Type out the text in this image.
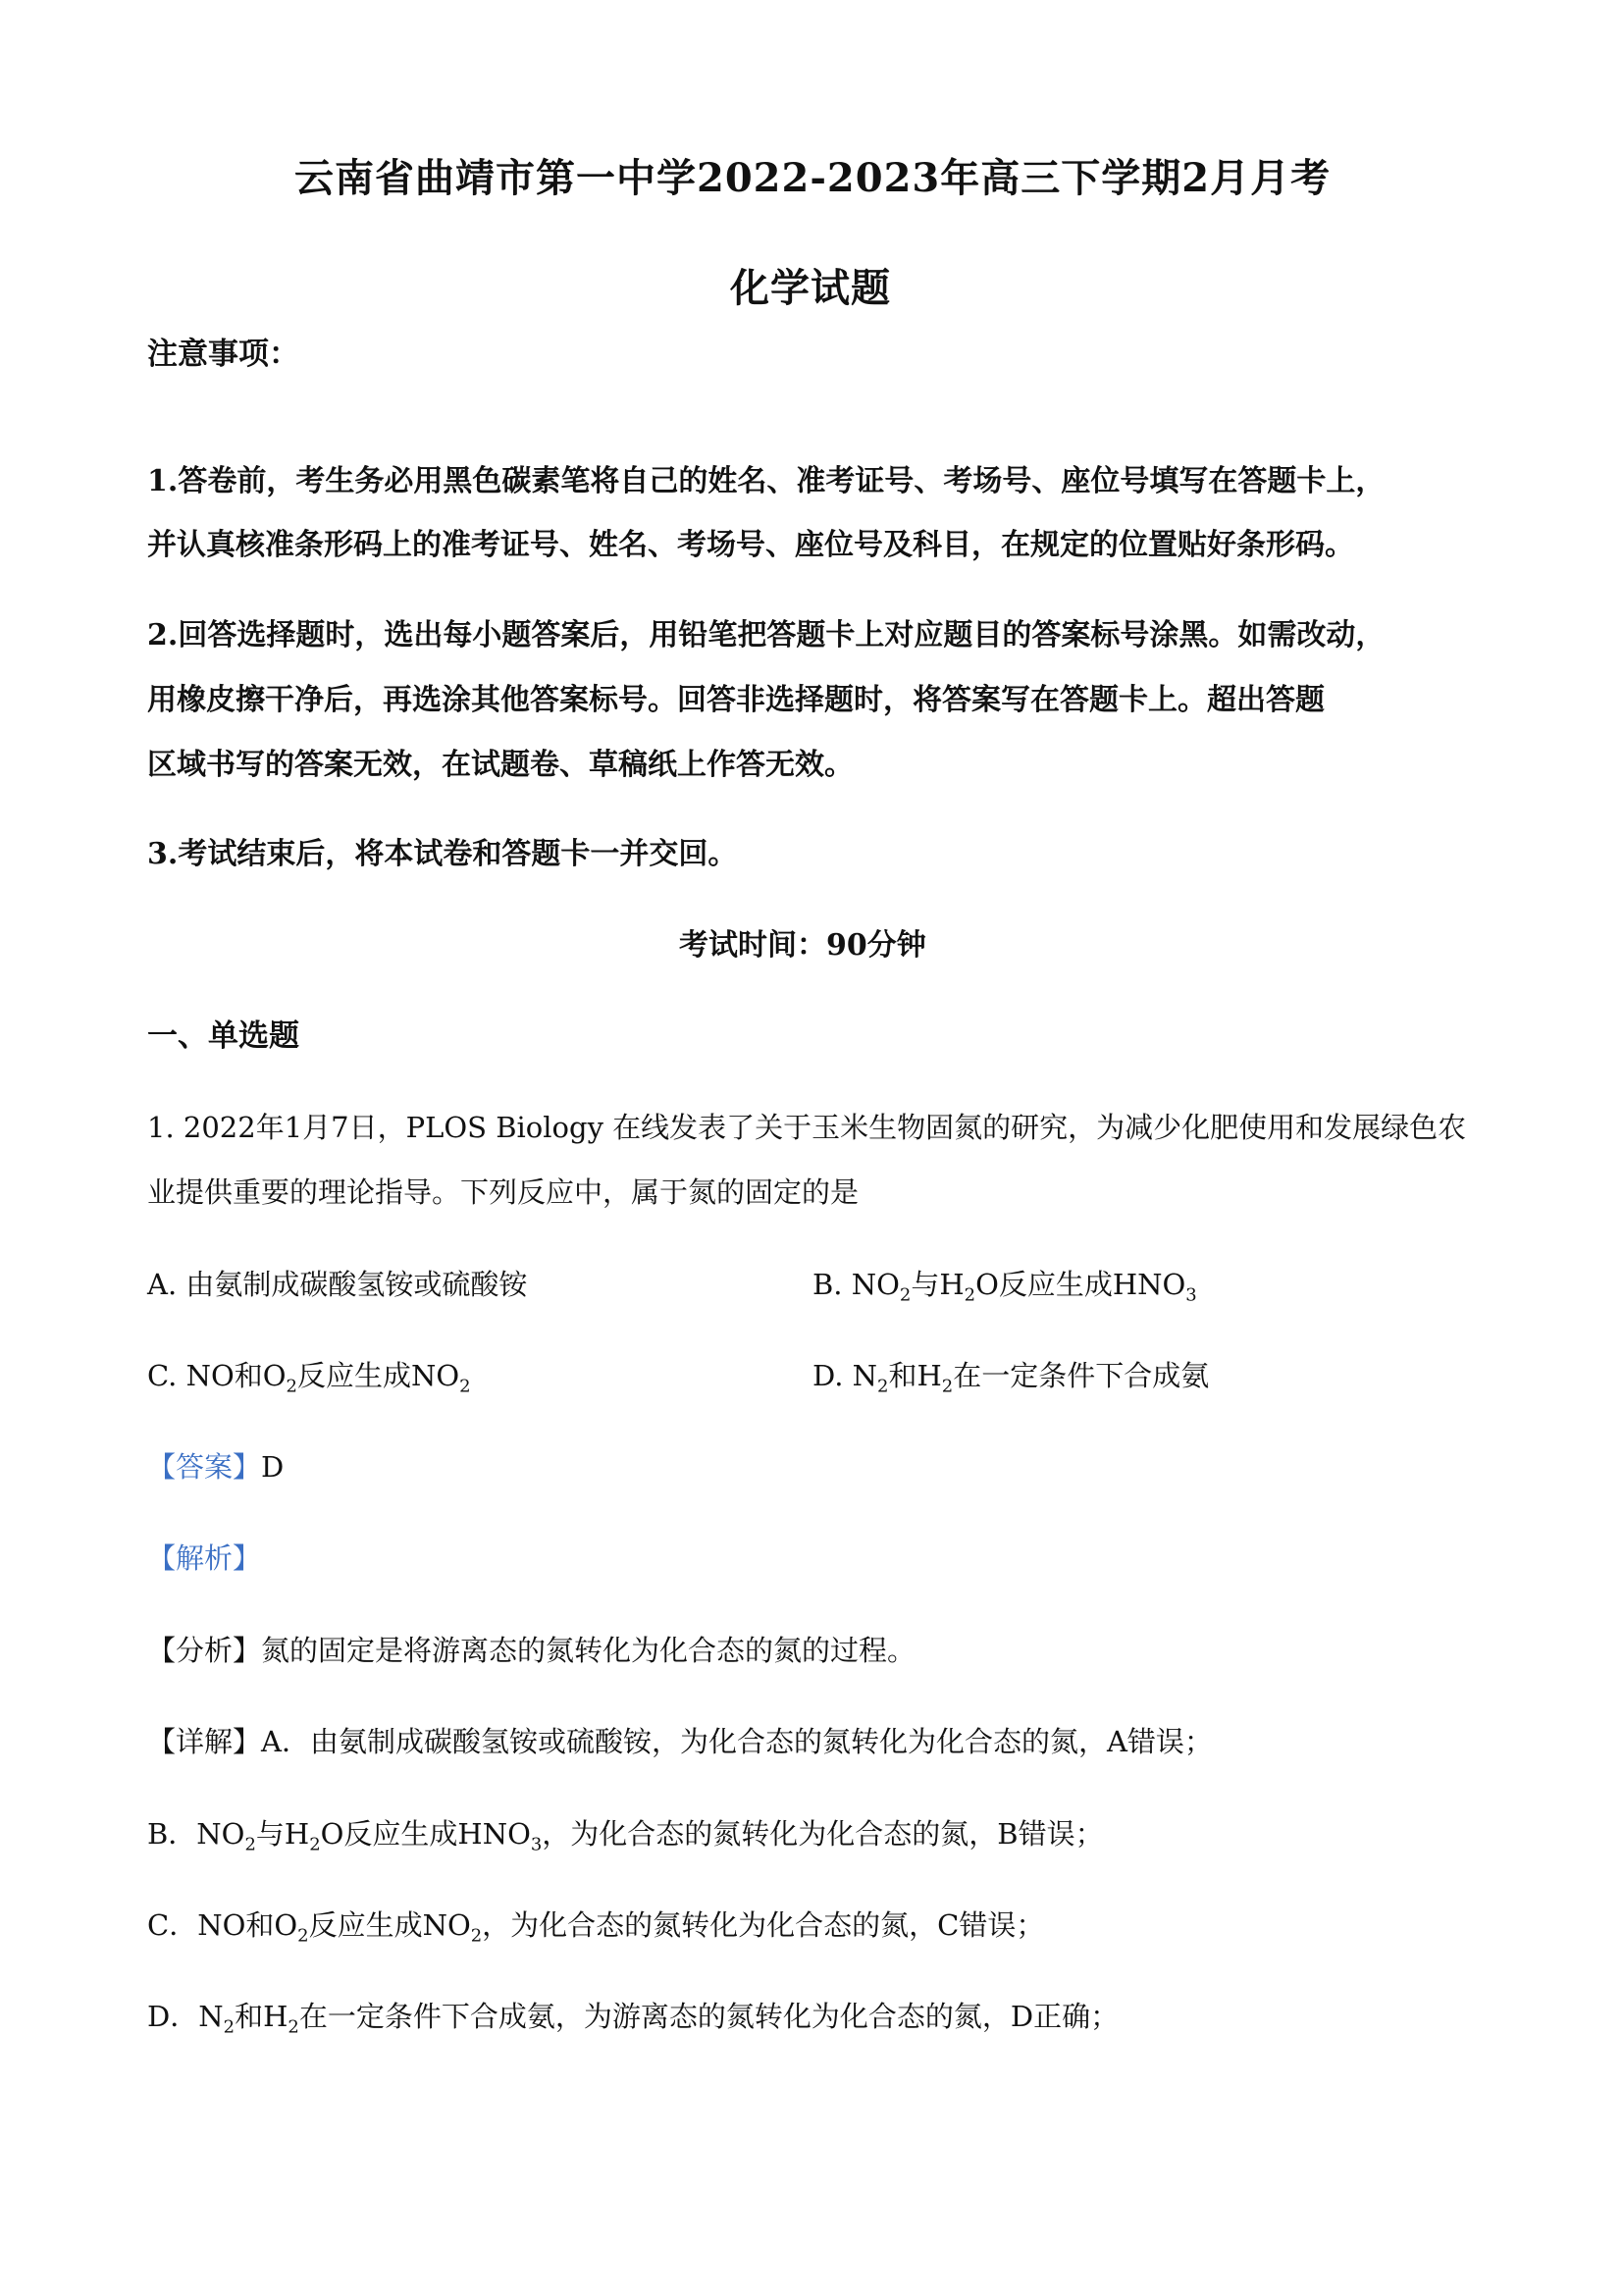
云南省曲靖市第一中学2022-2023年高三下学期2月月考
化学试题
注意事项：
1.答卷前，考生务必用黑色碳素笔将自己的姓名、准考证号、考场号、座位号填写在答题卡上，
并认真核准条形码上的准考证号、姓名、考场号、座位号及科目，在规定的位置贴好条形码。
2.回答选择题时，选出每小题答案后，用铅笔把答题卡上对应题目的答案标号涂黑。如需改动，
用橡皮擦干净后，再选涂其他答案标号。回答非选择题时，将答案写在答题卡上。超出答题
区域书写的答案无效，在试题卷、草稿纸上作答无效。
3.考试结束后，将本试卷和答题卡一并交回。
考试时间：90分钟
一、单选题
1. 2022年1月7日，PLOS Biology 在线发表了关于玉米生物固氮的研究，为减少化肥使用和发展绿色农
业提供重要的理论指导。下列反应中，属于氮的固定的是
A. 由氨制成碳酸氢铵或硫酸铵	B. $NO_2$与$H_2O$反应生成$HNO_3$
C. NO和$O_2$反应生成$NO_2$	D. $N_2$和$H_2$在一定条件下合成氨
【答案】D
【解析】
【分析】氮的固定是将游离态的氮转化为化合态的氮的过程。
【详解】A．由氨制成碳酸氢铵或硫酸铵，为化合态的氮转化为化合态的氮，A错误；
B．$NO_2$与$H_2O$反应生成$HNO_3$，为化合态的氮转化为化合态的氮，B错误；
C．NO和$O_2$反应生成$NO_2$，为化合态的氮转化为化合态的氮，C错误；
D．$N_2$和$H_2$在一定条件下合成氨，为游离态的氮转化为化合态的氮，D正确；
